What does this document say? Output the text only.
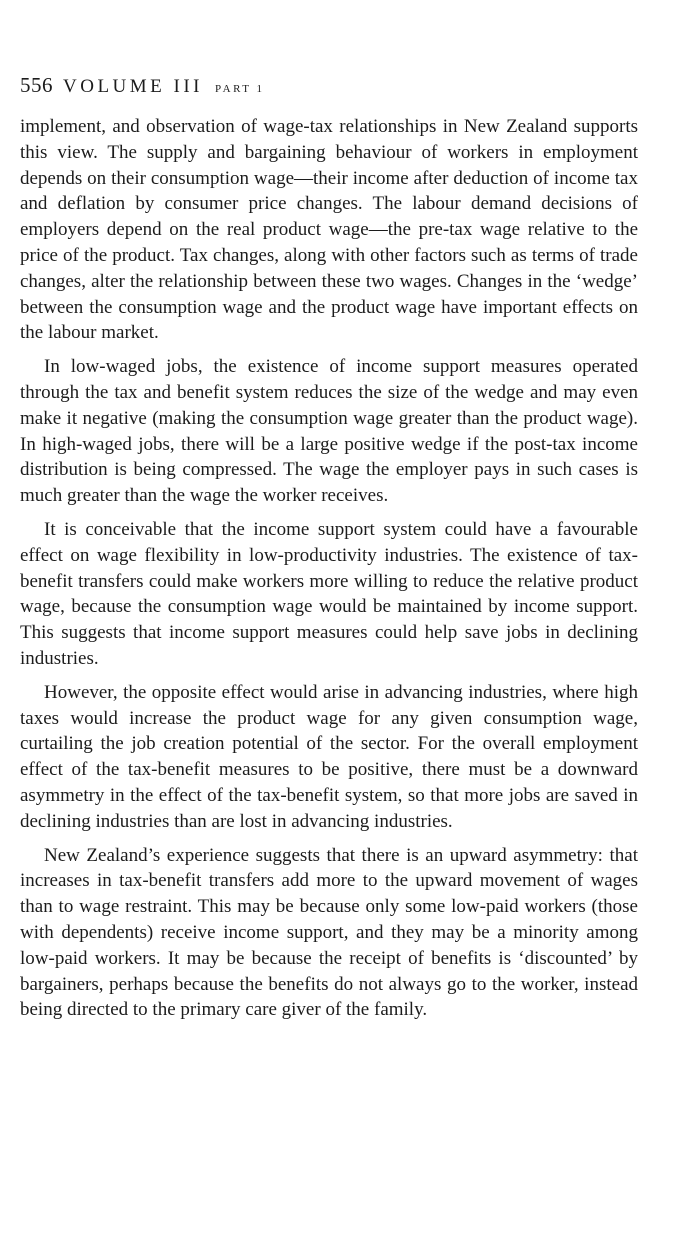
556 VOLUME III PART 1

implement, and observation of wage-tax relationships in New Zealand supports this view. The supply and bargaining behaviour of workers in employment depends on their consumption wage—their income after deduction of income tax and deflation by consumer price changes. The labour demand decisions of employers depend on the real product wage—the pre-tax wage relative to the price of the product. Tax changes, along with other factors such as terms of trade changes, alter the relationship between these two wages. Changes in the ‘wedge’ between the consumption wage and the product wage have important effects on the labour market.

In low-waged jobs, the existence of income support measures operated through the tax and benefit system reduces the size of the wedge and may even make it negative (making the consumption wage greater than the product wage). In high-waged jobs, there will be a large positive wedge if the post-tax income distribution is being compressed. The wage the employer pays in such cases is much greater than the wage the worker receives.

It is conceivable that the income support system could have a favourable effect on wage flexibility in low-productivity industries. The existence of tax-benefit transfers could make workers more willing to reduce the relative product wage, because the consumption wage would be maintained by income support. This suggests that income support measures could help save jobs in declining industries.

However, the opposite effect would arise in advancing industries, where high taxes would increase the product wage for any given consumption wage, curtailing the job creation potential of the sector. For the overall employment effect of the tax-benefit measures to be positive, there must be a downward asymmetry in the effect of the tax-benefit system, so that more jobs are saved in declining industries than are lost in advancing industries.

New Zealand’s experience suggests that there is an upward asymmetry: that increases in tax-benefit transfers add more to the upward movement of wages than to wage restraint. This may be because only some low-paid workers (those with dependents) receive income support, and they may be a minority among low-paid workers. It may be because the receipt of benefits is ‘discounted’ by bargainers, perhaps because the benefits do not always go to the worker, instead being directed to the primary care giver of the family.
